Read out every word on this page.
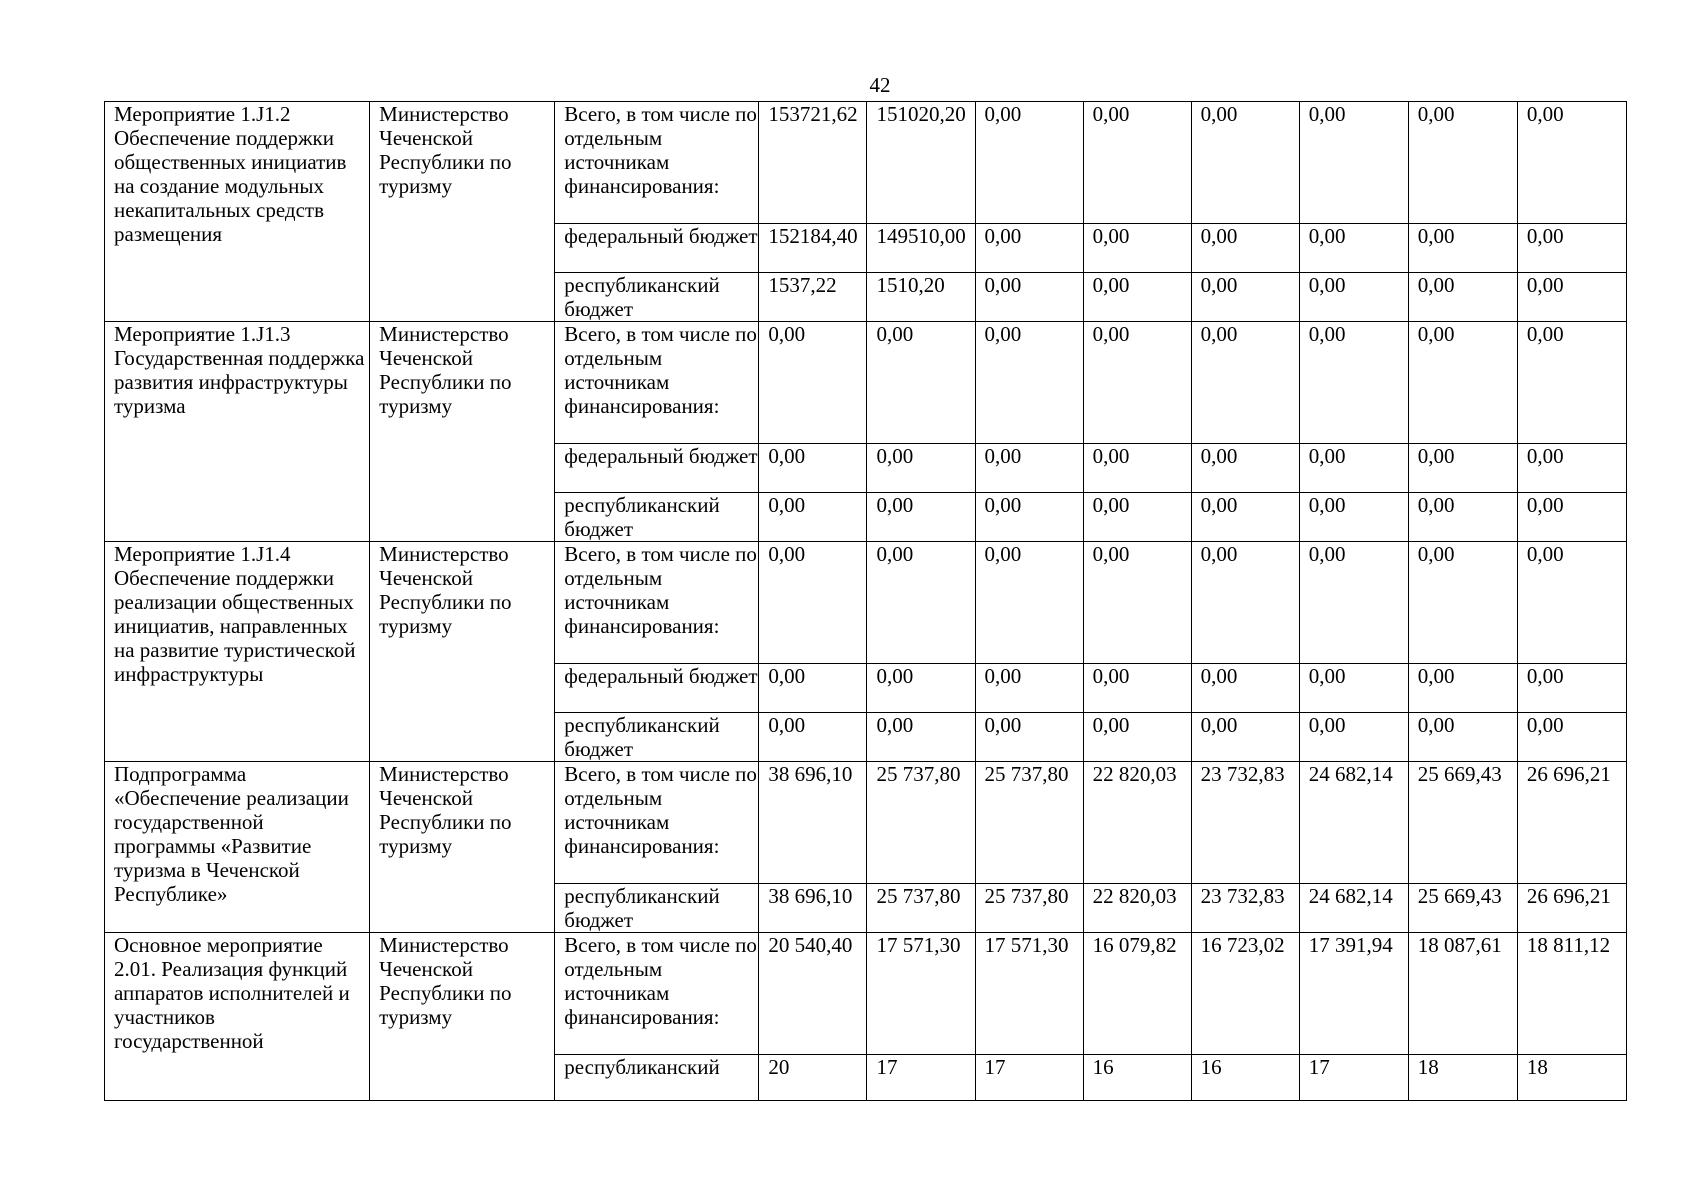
42
Мероприятие 1.J1.2 Обеспечение поддержки общественных инициатив на создание модульных некапитальных средств размещения	Министерство Чеченской Республики по туризму	Всего, в том числе по отдельным источникам финансирования:	153721,62	151020,20	0,00	0,00	0,00	0,00	0,00	0,00
		федеральный бюджет	152184,40	149510,00	0,00	0,00	0,00	0,00	0,00	0,00
		республиканский бюджет	1537,22	1510,20	0,00	0,00	0,00	0,00	0,00	0,00
Мероприятие 1.J1.3 Государственная поддержка развития инфраструктуры туризма	Министерство Чеченской Республики по туризму	Всего, в том числе по отдельным источникам финансирования:	0,00	0,00	0,00	0,00	0,00	0,00	0,00	0,00
		федеральный бюджет	0,00	0,00	0,00	0,00	0,00	0,00	0,00	0,00
		республиканский бюджет	0,00	0,00	0,00	0,00	0,00	0,00	0,00	0,00
Мероприятие 1.J1.4 Обеспечение поддержки реализации общественных инициатив, направленных на развитие туристической инфраструктуры	Министерство Чеченской Республики по туризму	Всего, в том числе по отдельным источникам финансирования:	0,00	0,00	0,00	0,00	0,00	0,00	0,00	0,00
		федеральный бюджет	0,00	0,00	0,00	0,00	0,00	0,00	0,00	0,00
		республиканский бюджет	0,00	0,00	0,00	0,00	0,00	0,00	0,00	0,00
Подпрограмма «Обеспечение реализации государственной программы «Развитие туризма в Чеченской Республике»	Министерство Чеченской Республики по туризму	Всего, в том числе по отдельным источникам финансирования:	38 696,10	25 737,80	25 737,80	22 820,03	23 732,83	24 682,14	25 669,43	26 696,21
		республиканский бюджет	38 696,10	25 737,80	25 737,80	22 820,03	23 732,83	24 682,14	25 669,43	26 696,21
Основное мероприятие 2.01. Реализация функций аппаратов исполнителей и участников государственной	Министерство Чеченской Республики по туризму	Всего, в том числе по отдельным источникам финансирования:	20 540,40	17 571,30	17 571,30	16 079,82	16 723,02	17 391,94	18 087,61	18 811,12
		республиканский	20	17	17	16	16	17	18	18
